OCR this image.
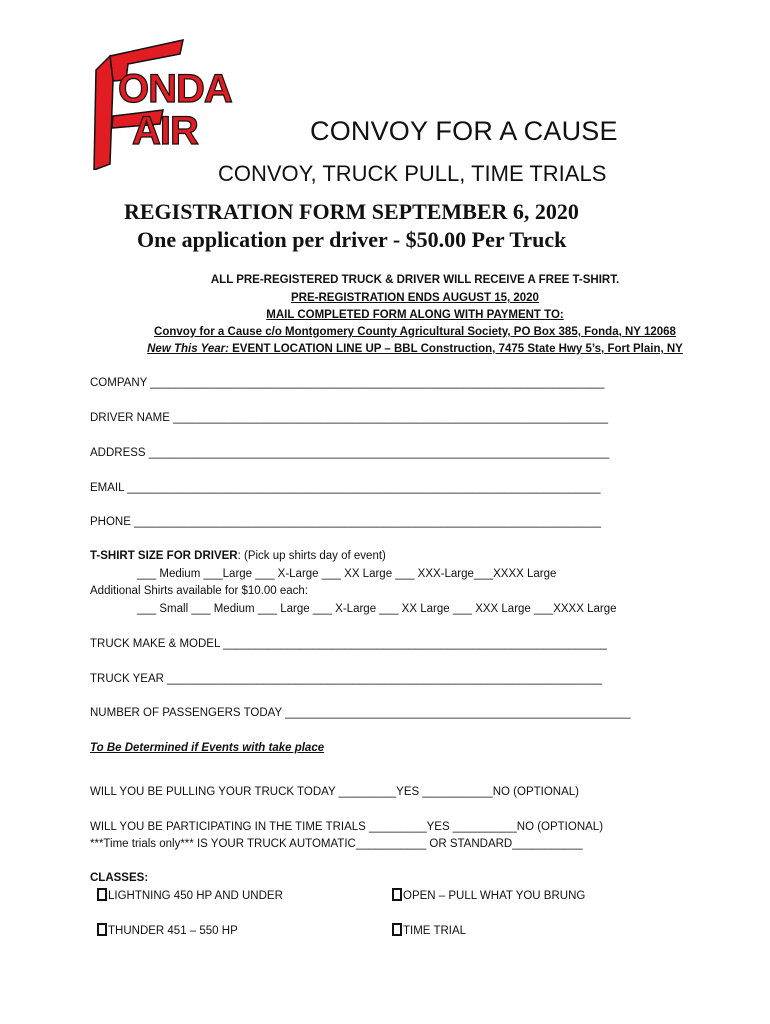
ONDA
AIR	CONVOY FOR A CAUSE
CONVOY, TRUCK PULL, TIME TRIALS
REGISTRATION FORM SEPTEMBER 6, 2020
One application per driver - $50.00 Per Truck
ALL PRE-REGISTERED TRUCK & DRIVER WILL RECEIVE A FREE T-SHIRT.
PRE-REGISTRATION ENDS AUGUST 15, 2020
MAIL COMPLETED FORM ALONG WITH PAYMENT TO:
Convoy for a Cause c/o Montgomery County Agricultural Society, PO Box 385, Fonda, NY 12068
New This Year: EVENT LOCATION LINE UP – BBL Construction, 7475 State Hwy 5’s, Fort Plain, NY
COMPANY _______________________________________________________________________
DRIVER NAME ____________________________________________________________________
ADDRESS ________________________________________________________________________
EMAIL __________________________________________________________________________
PHONE _________________________________________________________________________
T-SHIRT SIZE FOR DRIVER: (Pick up shirts day of event)
___ Medium ___Large ___ X-Large ___ XX Large ___ XXX-Large___XXXX Large
Additional Shirts available for $10.00 each:
___ Small ___ Medium ___ Large ___ X-Large ___ XX Large ___ XXX Large ___XXXX Large
TRUCK MAKE & MODEL ____________________________________________________________
TRUCK YEAR ____________________________________________________________________
NUMBER OF PASSENGERS TODAY ______________________________________________________
To Be Determined if Events with take place
WILL YOU BE PULLING YOUR TRUCK TODAY _________YES ___________NO (OPTIONAL)
WILL YOU BE PARTICIPATING IN THE TIME TRIALS _________YES __________NO (OPTIONAL)
***Time trials only*** IS YOUR TRUCK AUTOMATIC___________ OR STANDARD___________
CLASSES:
LIGHTNING 450 HP AND UNDER	OPEN – PULL WHAT YOU BRUNG
THUNDER 451 – 550 HP	TIME TRIAL
